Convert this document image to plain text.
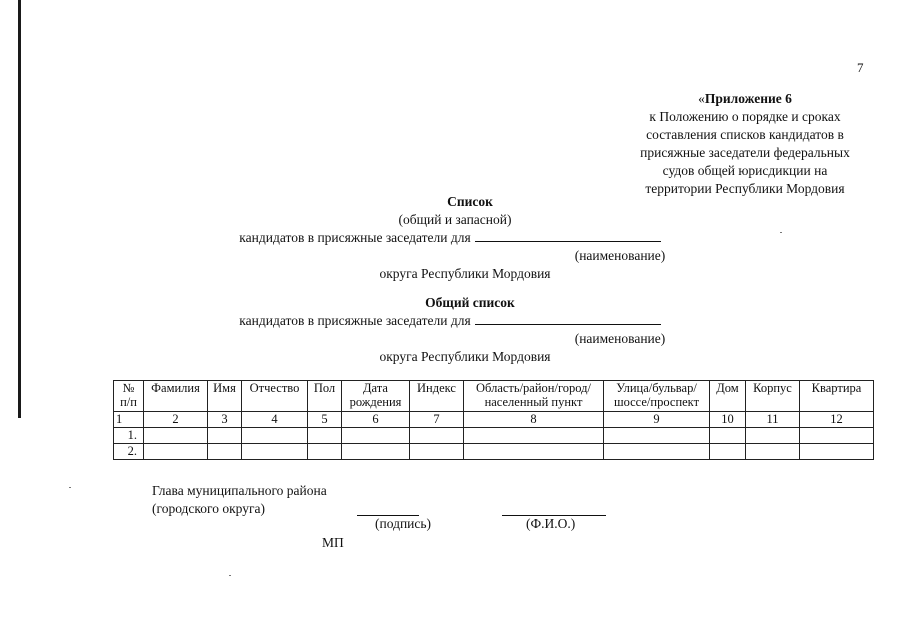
7
«Приложение 6
к Положению о порядке и сроках
составления списков кандидатов в
присяжные заседатели федеральных
судов общей юрисдикции на
территории Республики Мордовия
Список
(общий и запасной)
кандидатов в присяжные заседатели для
(наименование)
округа Республики Мордовия
Общий список
кандидатов в присяжные заседатели для
(наименование)
округа Республики Мордовия
№ п/п	Фамилия	Имя	Отчество	Пол	Дата рождения	Индекс	Область/район/город/ населенный пункт	Улица/бульвар/ шоссе/проспект	Дом	Корпус	Квартира
1	2	3	4	5	6	7	8	9	10	11	12
1.											
2.											
Глава муниципального района
(городского округа)
(подпись)	(Ф.И.О.)
МП
